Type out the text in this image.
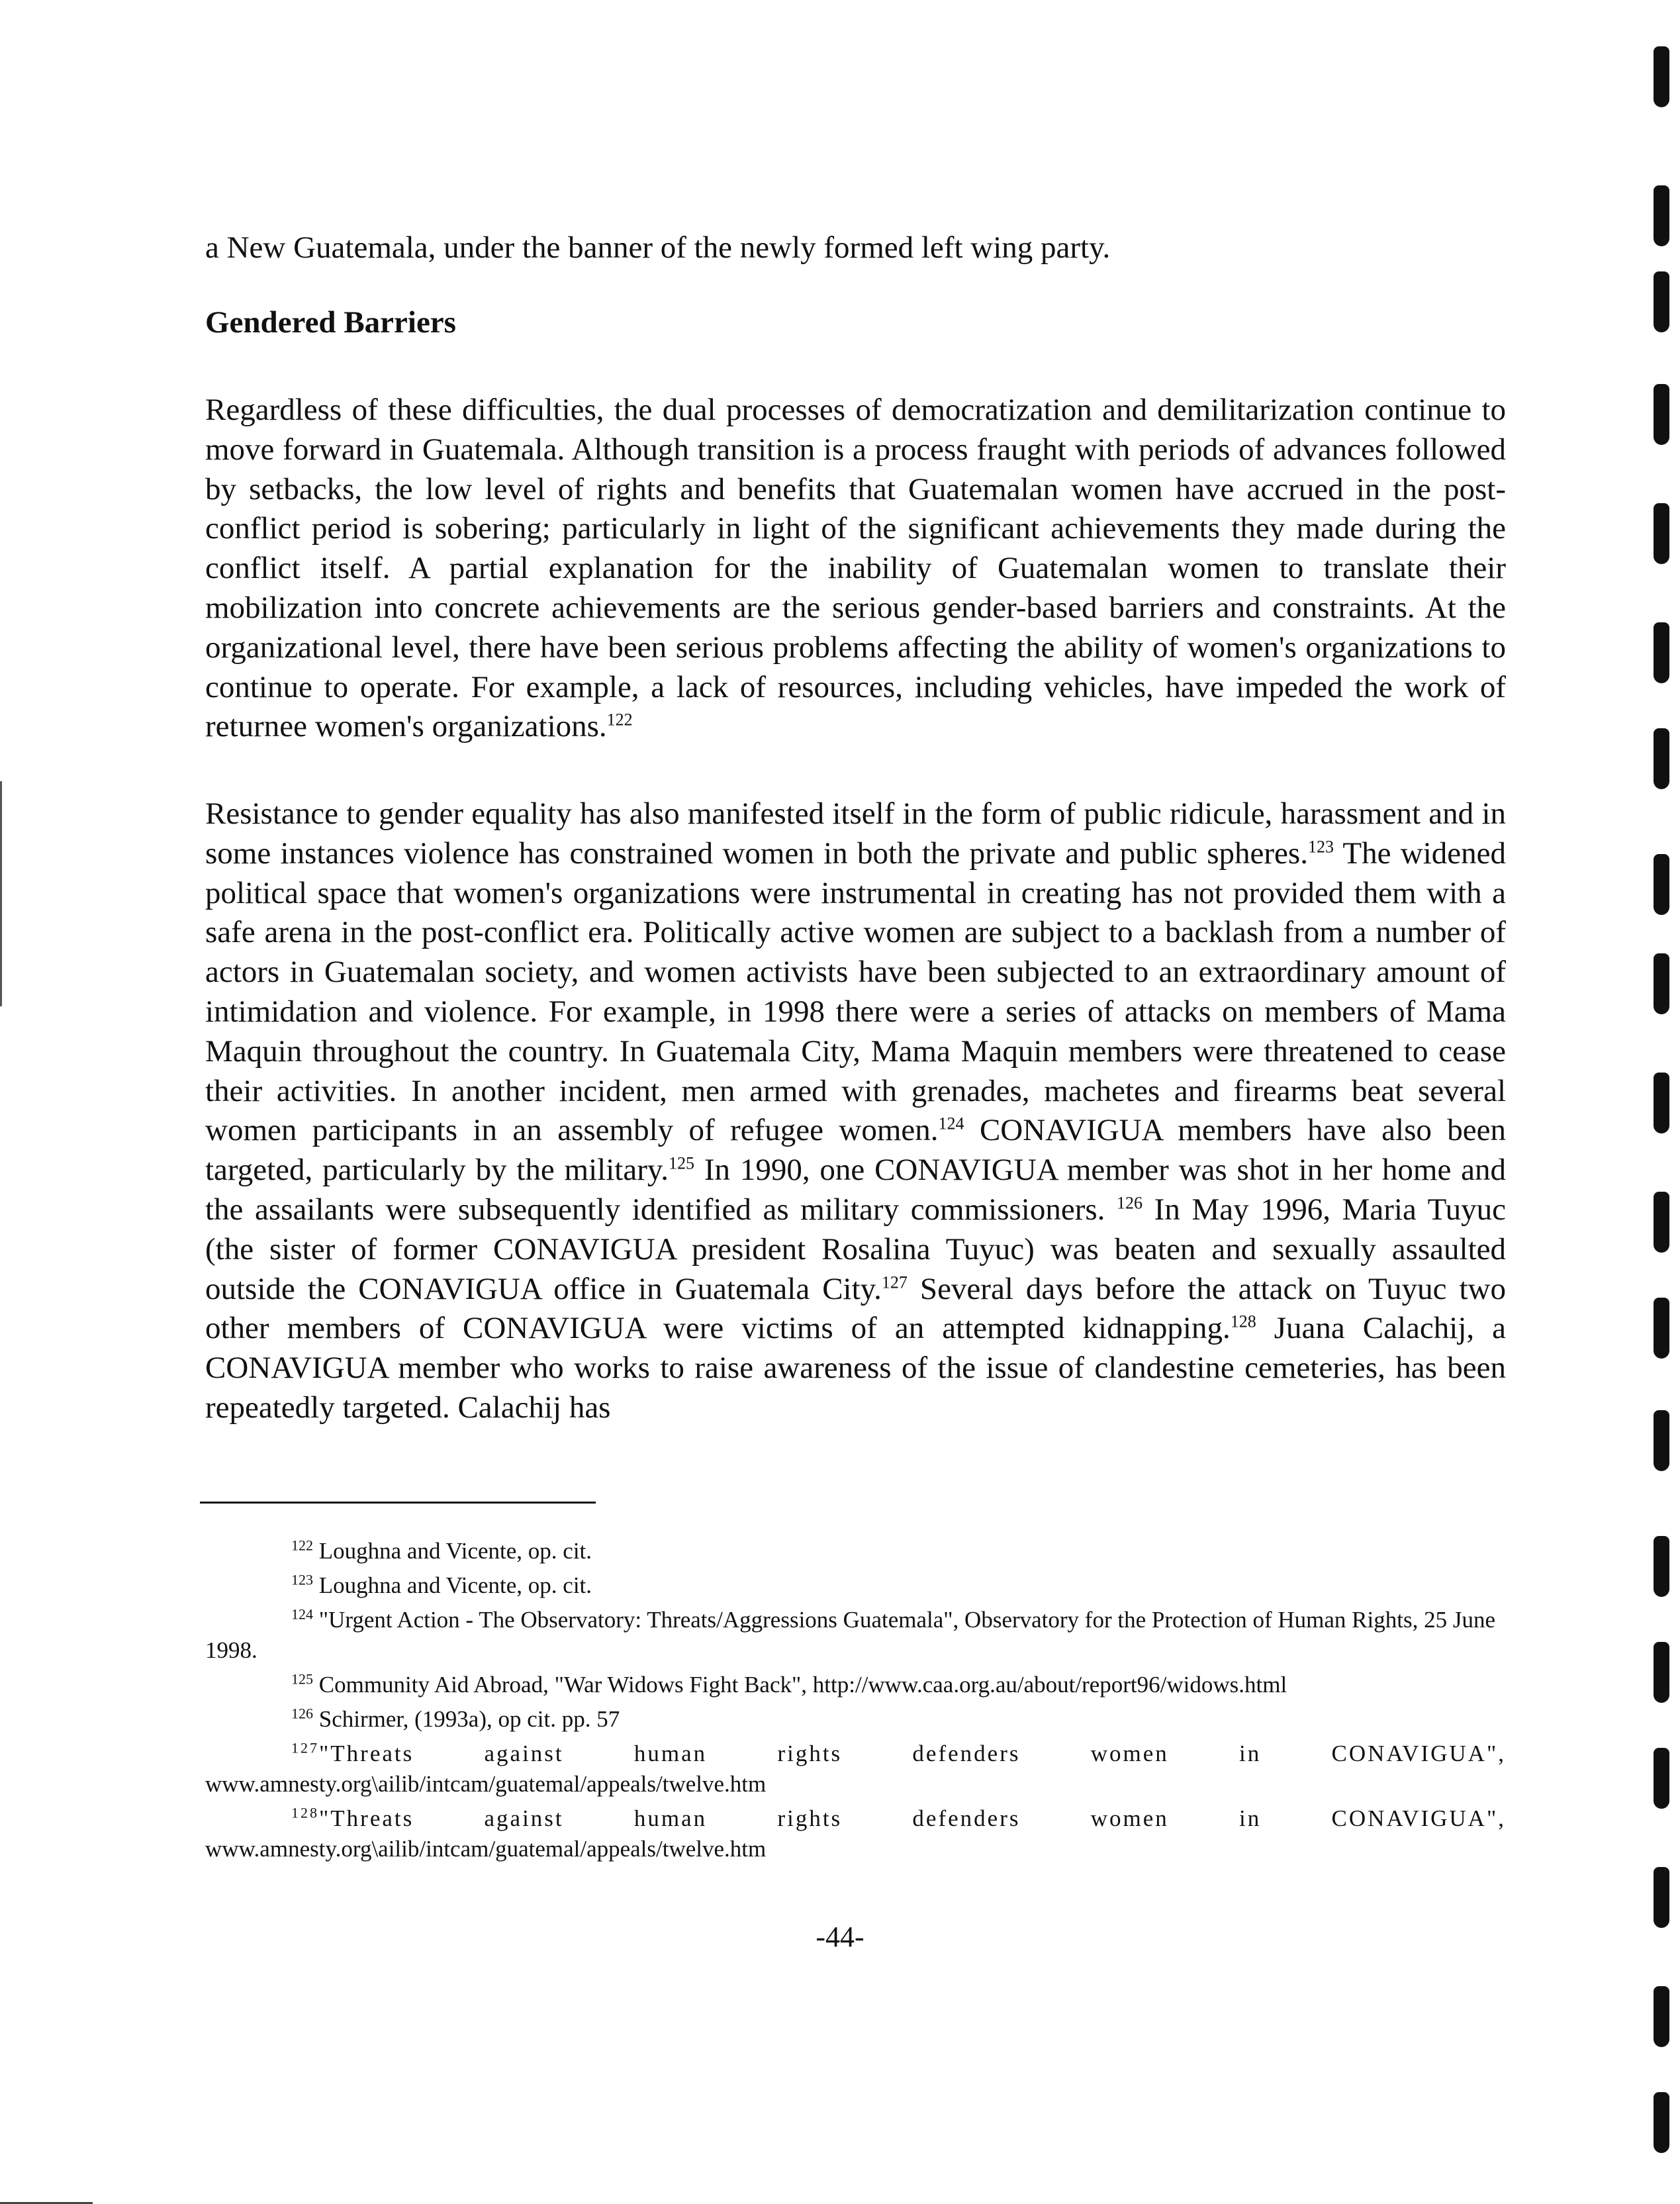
a New Guatemala, under the banner of the newly formed left wing party.

Gendered Barriers

Regardless of these difficulties, the dual processes of democratization and demilitarization continue to move forward in Guatemala. Although transition is a process fraught with periods of advances followed by setbacks, the low level of rights and benefits that Guatemalan women have accrued in the post-conflict period is sobering; particularly in light of the significant achievements they made during the conflict itself. A partial explanation for the inability of Guatemalan women to translate their mobilization into concrete achievements are the serious gender-based barriers and constraints. At the organizational level, there have been serious problems affecting the ability of women's organizations to continue to operate. For example, a lack of resources, including vehicles, have impeded the work of returnee women's organizations.$^{122}$

Resistance to gender equality has also manifested itself in the form of public ridicule, harassment and in some instances violence has constrained women in both the private and public spheres.$^{123}$ The widened political space that women's organizations were instrumental in creating has not provided them with a safe arena in the post-conflict era. Politically active women are subject to a backlash from a number of actors in Guatemalan society, and women activists have been subjected to an extraordinary amount of intimidation and violence. For example, in 1998 there were a series of attacks on members of Mama Maquin throughout the country. In Guatemala City, Mama Maquin members were threatened to cease their activities. In another incident, men armed with grenades, machetes and firearms beat several women participants in an assembly of refugee women.$^{124}$ CONAVIGUA members have also been targeted, particularly by the military.$^{125}$ In 1990, one CONAVIGUA member was shot in her home and the assailants were subsequently identified as military commissioners. $^{126}$ In May 1996, Maria Tuyuc (the sister of former CONAVIGUA president Rosalina Tuyuc) was beaten and sexually assaulted outside the CONAVIGUA office in Guatemala City.$^{127}$ Several days before the attack on Tuyuc two other members of CONAVIGUA were victims of an attempted kidnapping.$^{128}$ Juana Calachij, a CONAVIGUA member who works to raise awareness of the issue of clandestine cemeteries, has been repeatedly targeted. Calachij has

$^{122}$ Loughna and Vicente, op. cit.

$^{123}$ Loughna and Vicente, op. cit.

$^{124}$ "Urgent Action - The Observatory: Threats/Aggressions Guatemala", Observatory for the Protection of Human Rights, 25 June 1998.

$^{125}$ Community Aid Abroad, "War Widows Fight Back", http://www.caa.org.au/about/report96/widows.html

$^{126}$ Schirmer, (1993a), op cit. pp. 57

$^{127}$"Threats against human rights defenders women in CONAVIGUA", www.amnesty.org\ailib/intcam/guatemal/appeals/twelve.htm

$^{128}$"Threats against human rights defenders women in CONAVIGUA", www.amnesty.org\ailib/intcam/guatemal/appeals/twelve.htm

-44-
